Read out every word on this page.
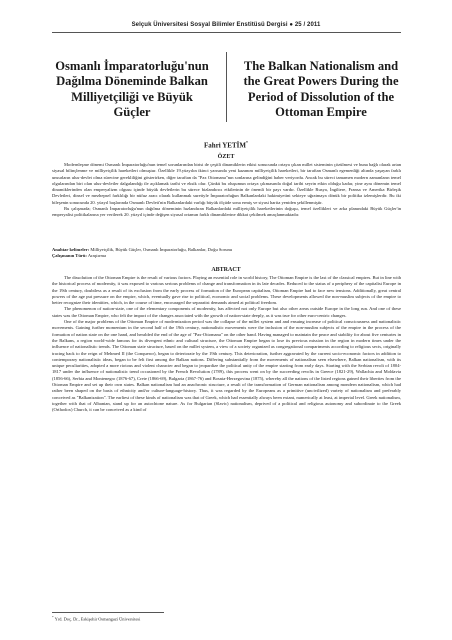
Selçuk Üniversitesi Sosyal Bilimler Enstitüsü Dergisi ● 25 / 2011
Osmanlı İmparatorluğu'nun Dağılma Döneminde Balkan Milliyetçiliği ve Büyük Güçler
The Balkan Nationalism and the Great Powers During the Period of Dissolution of the Ottoman Empire
Fahri YETİM*
ÖZET

Modernleşme dönemi Osmanlı İmparatorluğu'nun temel sorunlarından birisi de çeşitli dinamiklerin etkisi sonucunda ortaya çıkan millet sisteminin çözülmesi ve buna bağlı olarak artan siyasal bilinçlenme ve milliyetçilik hareketleri olmuştur. Özellikle 19.yüzyılın ikinci yarısında yeni kazanım milliyetçilik hareketleri, bir taraftan Osmanlı egemenliği altında yaşayan farklı unsurların ulus-devlet olma sürecine gerekliliğini gösterirken, diğer taraftan da "Pax Ottomana"nın sonlarına gelindiğini haber veriyordu. Ancak bu süreci tamamen modern zamanların temel olgularından biri olan ulus-devletler dalgalandığı ile açıklamak tarihi ve eksik olur. Çünkü bu oluşumun ortaya çıkmasında doğal tarihi seyrin etkin olduğu kadar, yine aynı dönemin temel dinamiklerinden olan emperyalizm olgusu içinde büyük devletlerin bu sürece bizlandırıcı etkilerinin de önemli bir payı vardır. Özellikle Rusya, İngiltere, Fransa ve Amerika Birleşik Devletleri, dinsel ve mezhepsel farklılığı bir nüfuz aracı olarak kullanmak suretiyle İmparatorluğun Balkanlardaki hakimiyetini sekteye uğratmaya dönük bir politika izlemişlerdir. Bu iki bileşenin sonucunda 20. yüzyıl başlarında Osmanlı Devleti'nin Balkanlardaki varlığı büyük ölçüde sona ermiş ve siyasi harita yeniden şekillenmiştir.

Bu çalışmada; Osmanlı İmparatorluğu'nun dağılma döneminin hızlandıran Balkanlardaki milliyetçilik hareketlerinin doğuşu, temel özellikleri ve arka planındaki Büyük Güçler'in emperyalist politikalarına yer verilerek 20. yüzyıl içinde değişen siyasal ortamın farklı dinamiklerine dikkat çekilmek amaçlanmaktadır.

Anahtar kelimeler: Milliyetçilik, Büyük Güçler, Osmanlı İmparatorluğu, Balkanlar, Doğu Sorunu

Çalışmanın Türü: Araştırma

ABTRACT

The dissolution of the Ottoman Empire is the result of various factors. Playing an essential role in world history, The Ottoman Empire is the last of the classical empires. But in line with the historical process of modernity, it was exposed to various serious problems of change and transformation in its late decades. Reduced to the status of a periphery of the capitalist Europe in the 19th century, doubtless as a result of its exclusion from the early process of formation of the European capitalism, Ottoman Empire had to face new tensions. Additionally, great central powers of the age put pressure on the empire, which, eventually gave rise to political, economic and social problems. These developments allowed the non-muslim subjects of the empire to better recognize their identities, which, in the course of time, encouraged the separatist demands aimed at political freedom.

The phenomenon of nation-state, one of the elementary components of modernity, has affected not only Europe but also other areas outside Europe in the long run. And one of these states was the Ottoman Empire, who felt the impact of the changes associated with the growth of nation-state deeply, as it was true for other euro-centric changes.

One of the major problems of the Ottoman Empire of modernization period was the collapse of the millet system and and ensuing increase of political consciousness and nationalistic movements. Gaining further momentum in the second half of the 19th century, nationalistic movements were the inclusion of the non-muslim subjects of the empire in the process of the formation of nation state on the one hand, and heralded the end of the age of "Pax-Ottomana" on the other hand. Having managed to maintain the peace and stability for about five centuries in the Balkans, a region world-wide famous for its divergent ethnic and cultural structure, the Ottoman Empire began to lose its previous mission in the region in modern times under the influence of nationalistic trends. The Ottoman state structure, based on the millet system, a view of a society organized as congregational compartments according to religious sects, originally tracing back to the reign of Mehmed II (the Conqueror), began to deteriorate by the 19th century. This deterioration, further aggravated by the current socio-economic factors in addition to contemporary nationalistic ideas, began to be felt first among the Balkan nations. Differing substantially from the movements of nationalism seen elsewhere, Balkan nationalism, with its unique peculiarities, adopted a more riotous and violent character and began to jeopardize the political unity of the empire starting from early days. Starting with the Serbian revolt of 1804-1817 under the influence of nationalistic trend occasioned by the French Revolution (1789), this process went on by the succeeding revolts in Greece (1821-29), Wallachia and Moldavia (1856-66), Serbia and Montenegro (1876-67), Crete (1866-69), Bulgaria (1867-76) and Bosnia-Herzegovina (1875), whereby all the nations of the listed regions gained their liberties from the Ottoman Empire and set up their own states. Balkan nationalism had an anachronic structure, a result of the transformation of German nationalism among mondern nationalism, which had rather been shaped on the basis of ethnicity and/or culture-language-history. Thus, it was regarded by the Europeans as a primitive (uncivilized) variety of nationalism and preferably conceived as "Balkanization". The earliest of these kinds of nationalism was that of Greek, which had essentially always been extant, numerically at least, at imperial level. Greek nationalism, together with that of Albanian, stand up for an autochtone nature. As for Bulgarian (Slavic) nationalism, deprived of a political and religious autonomy and subordinate to the Greek (Orthodox) Church, it can be conceived as a kind of

* Yrd. Doç. Dr., Eskişehir Osmangazi Üniversitesi
